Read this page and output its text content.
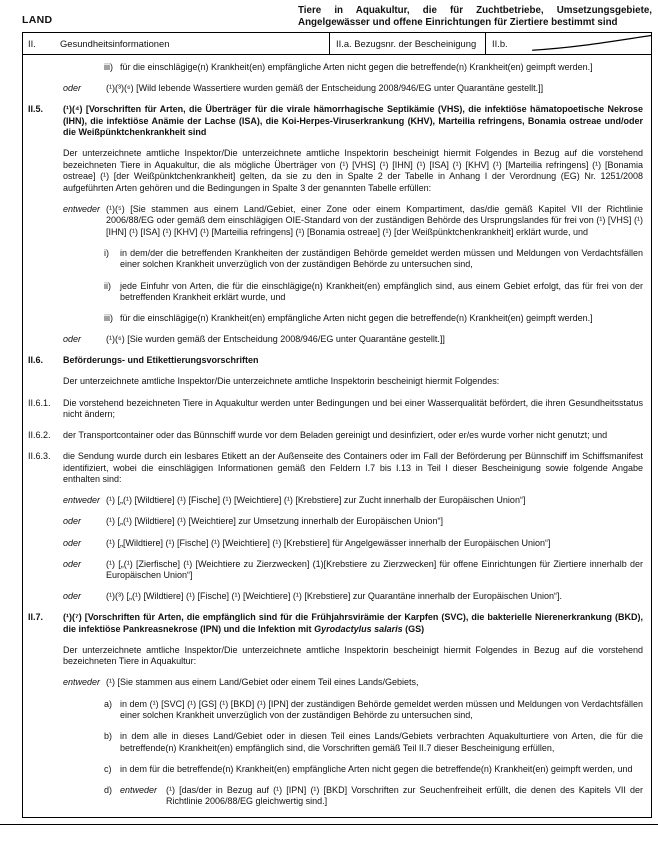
LAND
Tiere in Aquakultur, die für Zuchtbetriebe, Umsetzungsgebiete, Angelgewässer und offene Einrichtungen für Ziertiere bestimmt sind
II.	Gesundheitsinformationen	II.a. Bezugsnr. der Bescheinigung II.b.
iii) für die einschlägige(n) Krankheit(en) empfängliche Arten nicht gegen die betreffende(n) Krankheit(en) geimpft werden.]
oder	(¹)(³)(⁶) [Wild lebende Wassertiere wurden gemäß der Entscheidung 2008/946/EG unter Quarantäne gestellt.]]
II.5.	(¹)(⁴) [Vorschriften für Arten, die Überträger für die virale hämorrhagische Septikämie (VHS), die infektiöse hämatopoetische Nekrose (IHN), die infektiöse Anämie der Lachse (ISA), die Koi-Herpes-Viruserkrankung (KHV), Marteilia refringens, Bonamia ostreae und/oder die Weißpünktchenkrankheit sind
Der unterzeichnete amtliche Inspektor/Die unterzeichnete amtliche Inspektorin bescheinigt hiermit Folgendes in Bezug auf die vorstehend bezeichneten Tiere in Aquakultur, die als mögliche Überträger von (¹) [VHS] (¹) [IHN] (¹) [ISA] (¹) [KHV] (¹) [Marteilia refringens] (¹) [Bonamia ostreae] (¹) [der Weißpünktchenkrankheit] gelten, da sie zu den in Spalte 2 der Tabelle in Anhang I der Verordnung (EG) Nr. 1251/2008 aufgeführten Arten gehören und die Bedingungen in Spalte 3 der genannten Tabelle erfüllen:
entweder (¹)(⁵) [Sie stammen aus einem Land/Gebiet, einer Zone oder einem Kompartiment, das/die gemäß Kapitel VII der Richtlinie 2006/88/EG oder gemäß dem einschlägigen OIE-Standard von der zuständigen Behörde des Ursprungslandes für frei von (¹) [VHS] (¹) [IHN] (¹) [ISA] (¹) [KHV] (¹) [Marteilia refringens] (¹) [Bonamia ostreae] (¹) [der Weißpünktchenkrankheit] erklärt wurde, und
i)	in dem/der die betreffenden Krankheiten der zuständigen Behörde gemeldet werden müssen und Meldungen von Verdachtsfällen einer solchen Krankheit unverzüglich von der zuständigen Behörde zu untersuchen sind,
ii)	jede Einfuhr von Arten, die für die einschlägige(n) Krankheit(en) empfänglich sind, aus einem Gebiet erfolgt, das für frei von der betreffenden Krankheit erklärt wurde, und
iii) für die einschlägige(n) Krankheit(en) empfängliche Arten nicht gegen die betreffende(n) Krankheit(en) geimpft werden.]
oder	(¹)(⁶) [Sie wurden gemäß der Entscheidung 2008/946/EG unter Quarantäne gestellt.]]
II.6.	Beförderungs- und Etikettierungsvorschriften
Der unterzeichnete amtliche Inspektor/Die unterzeichnete amtliche Inspektorin bescheinigt hiermit Folgendes:
II.6.1.	Die vorstehend bezeichneten Tiere in Aquakultur werden unter Bedingungen und bei einer Wasserqualität befördert, die ihren Gesundheitsstatus nicht ändern;
II.6.2.	der Transportcontainer oder das Bünnschiff wurde vor dem Beladen gereinigt und desinfiziert, oder er/es wurde vorher nicht genutzt; und
II.6.3.	die Sendung wurde durch ein lesbares Etikett an der Außenseite des Containers oder im Fall der Beförderung per Bünnschiff im Schiffsmanifest identifiziert, wobei die einschlägigen Informationen gemäß den Feldern I.7 bis I.13 in Teil I dieser Bescheinigung sowie folgende Angabe enthalten sind:
entweder (¹) [„(¹) [Wildtiere] (¹) [Fische] (¹) [Weichtiere] (¹) [Krebstiere] zur Zucht innerhalb der Europäischen Union“]
oder	(¹) [„(¹) [Wildtiere] (¹) [Weichtiere] zur Umsetzung innerhalb der Europäischen Union“]
oder	(¹) [„[Wildtiere] (¹) [Fische] (¹) [Weichtiere] (¹) [Krebstiere] für Angelgewässer innerhalb der Europäischen Union“]
oder	(¹) [„(¹) [Zierfische] (¹) [Weichtiere zu Zierzwecken] (1)[Krebstiere zu Zierzwecken] für offene Einrichtungen für Ziertiere innerhalb der Europäischen Union“]
oder	(¹)(³) [„(¹) [Wildtiere] (¹) [Fische] (¹) [Weichtiere] (¹) [Krebstiere] zur Quarantäne innerhalb der Europäischen Union“].
II.7.	(¹)(⁷) [Vorschriften für Arten, die empfänglich sind für die Frühjahrsvirämie der Karpfen (SVC), die bakterielle Nierenerkrankung (BKD), die infektiöse Pankreasnekrose (IPN) und die Infektion mit Gyrodactylus salaris (GS)
Der unterzeichnete amtliche Inspektor/Die unterzeichnete amtliche Inspektorin bescheinigt hiermit Folgendes in Bezug auf die vorstehend bezeichneten Tiere in Aquakultur:
entweder (¹) [Sie stammen aus einem Land/Gebiet oder einem Teil eines Lands/Gebiets,
a) in dem (¹) [SVC] (¹) [GS] (¹) [BKD] (¹) [IPN] der zuständigen Behörde gemeldet werden müssen und Meldungen von Verdachtsfällen einer solchen Krankheit unverzüglich von der zuständigen Behörde zu untersuchen sind,
b) in dem alle in dieses Land/Gebiet oder in diesen Teil eines Lands/Gebiets verbrachten Aquakulturtiere von Arten, die für die betreffende(n) Krankheit(en) empfänglich sind, die Vorschriften gemäß Teil II.7 dieser Bescheinigung erfüllen,
c) in dem für die betreffende(n) Krankheit(en) empfängliche Arten nicht gegen die betreffende(n) Krankheit(en) geimpft werden, und
d) entweder (¹) [das/der in Bezug auf (¹) [IPN] (¹) [BKD] Vorschriften zur Seuchenfreiheit erfüllt, die denen des Kapitels VII der Richtlinie 2006/88/EG gleichwertig sind.]
